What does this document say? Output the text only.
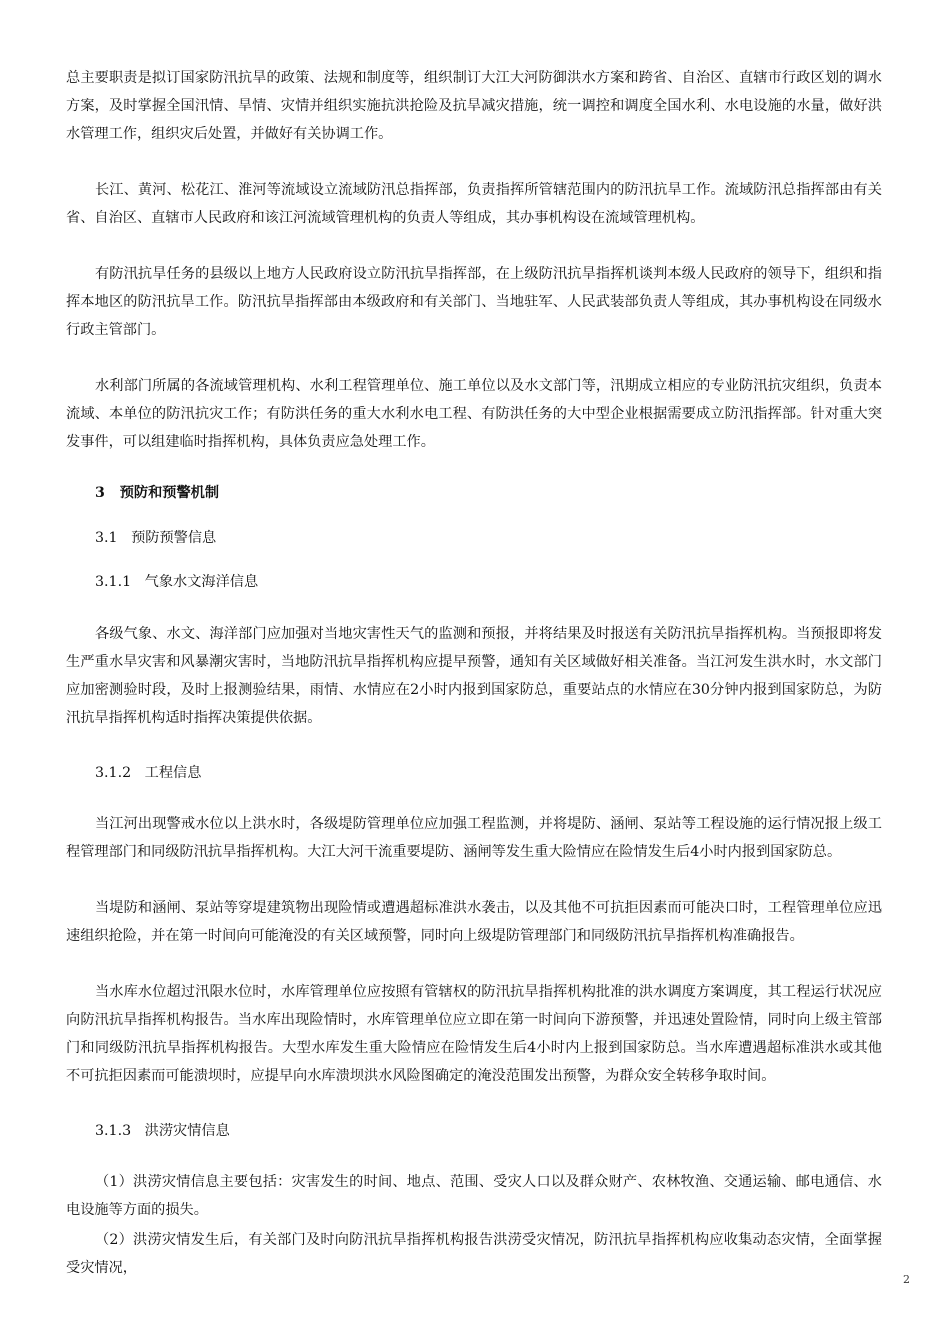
总主要职责是拟订国家防汛抗旱的政策、法规和制度等，组织制订大江大河防御洪水方案和跨省、自治区、直辖市行政区划的调水方案，及时掌握全国汛情、旱情、灾情并组织实施抗洪抢险及抗旱减灾措施，统一调控和调度全国水利、水电设施的水量，做好洪水管理工作，组织灾后处置，并做好有关协调工作。

长江、黄河、松花江、淮河等流域设立流域防汛总指挥部，负责指挥所管辖范围内的防汛抗旱工作。流域防汛总指挥部由有关省、自治区、直辖市人民政府和该江河流域管理机构的负责人等组成，其办事机构设在流域管理机构。

有防汛抗旱任务的县级以上地方人民政府设立防汛抗旱指挥部，在上级防汛抗旱指挥机谈判本级人民政府的领导下，组织和指挥本地区的防汛抗旱工作。防汛抗旱指挥部由本级政府和有关部门、当地驻军、人民武装部负责人等组成，其办事机构设在同级水行政主管部门。

水利部门所属的各流域管理机构、水利工程管理单位、施工单位以及水文部门等，汛期成立相应的专业防汛抗灾组织，负责本流域、本单位的防汛抗灾工作；有防洪任务的重大水利水电工程、有防洪任务的大中型企业根据需要成立防汛指挥部。针对重大突发事件，可以组建临时指挥机构，具体负责应急处理工作。

3   预防和预警机制

3.1   预防预警信息

3.1.1   气象水文海洋信息

各级气象、水文、海洋部门应加强对当地灾害性天气的监测和预报，并将结果及时报送有关防汛抗旱指挥机构。当预报即将发生严重水旱灾害和风暴潮灾害时，当地防汛抗旱指挥机构应提早预警，通知有关区域做好相关准备。当江河发生洪水时，水文部门应加密测验时段，及时上报测验结果，雨情、水情应在2小时内报到国家防总，重要站点的水情应在30分钟内报到国家防总，为防汛抗旱指挥机构适时指挥决策提供依据。

3.1.2   工程信息

当江河出现警戒水位以上洪水时，各级堤防管理单位应加强工程监测，并将堤防、涵闸、泵站等工程设施的运行情况报上级工程管理部门和同级防汛抗旱指挥机构。大江大河干流重要堤防、涵闸等发生重大险情应在险情发生后4小时内报到国家防总。

当堤防和涵闸、泵站等穿堤建筑物出现险情或遭遇超标准洪水袭击，以及其他不可抗拒因素而可能决口时，工程管理单位应迅速组织抢险，并在第一时间向可能淹没的有关区域预警，同时向上级堤防管理部门和同级防汛抗旱指挥机构准确报告。

当水库水位超过汛限水位时，水库管理单位应按照有管辖权的防汛抗旱指挥机构批准的洪水调度方案调度，其工程运行状况应向防汛抗旱指挥机构报告。当水库出现险情时，水库管理单位应立即在第一时间向下游预警，并迅速处置险情，同时向上级主管部门和同级防汛抗旱指挥机构报告。大型水库发生重大险情应在险情发生后4小时内上报到国家防总。当水库遭遇超标准洪水或其他不可抗拒因素而可能溃坝时，应提早向水库溃坝洪水风险图确定的淹没范围发出预警，为群众安全转移争取时间。

3.1.3   洪涝灾情信息

（1）洪涝灾情信息主要包括：灾害发生的时间、地点、范围、受灾人口以及群众财产、农林牧渔、交通运输、邮电通信、水电设施等方面的损失。

（2）洪涝灾情发生后，有关部门及时向防汛抗旱指挥机构报告洪涝受灾情况，防汛抗旱指挥机构应收集动态灾情，全面掌握受灾情况，

2
